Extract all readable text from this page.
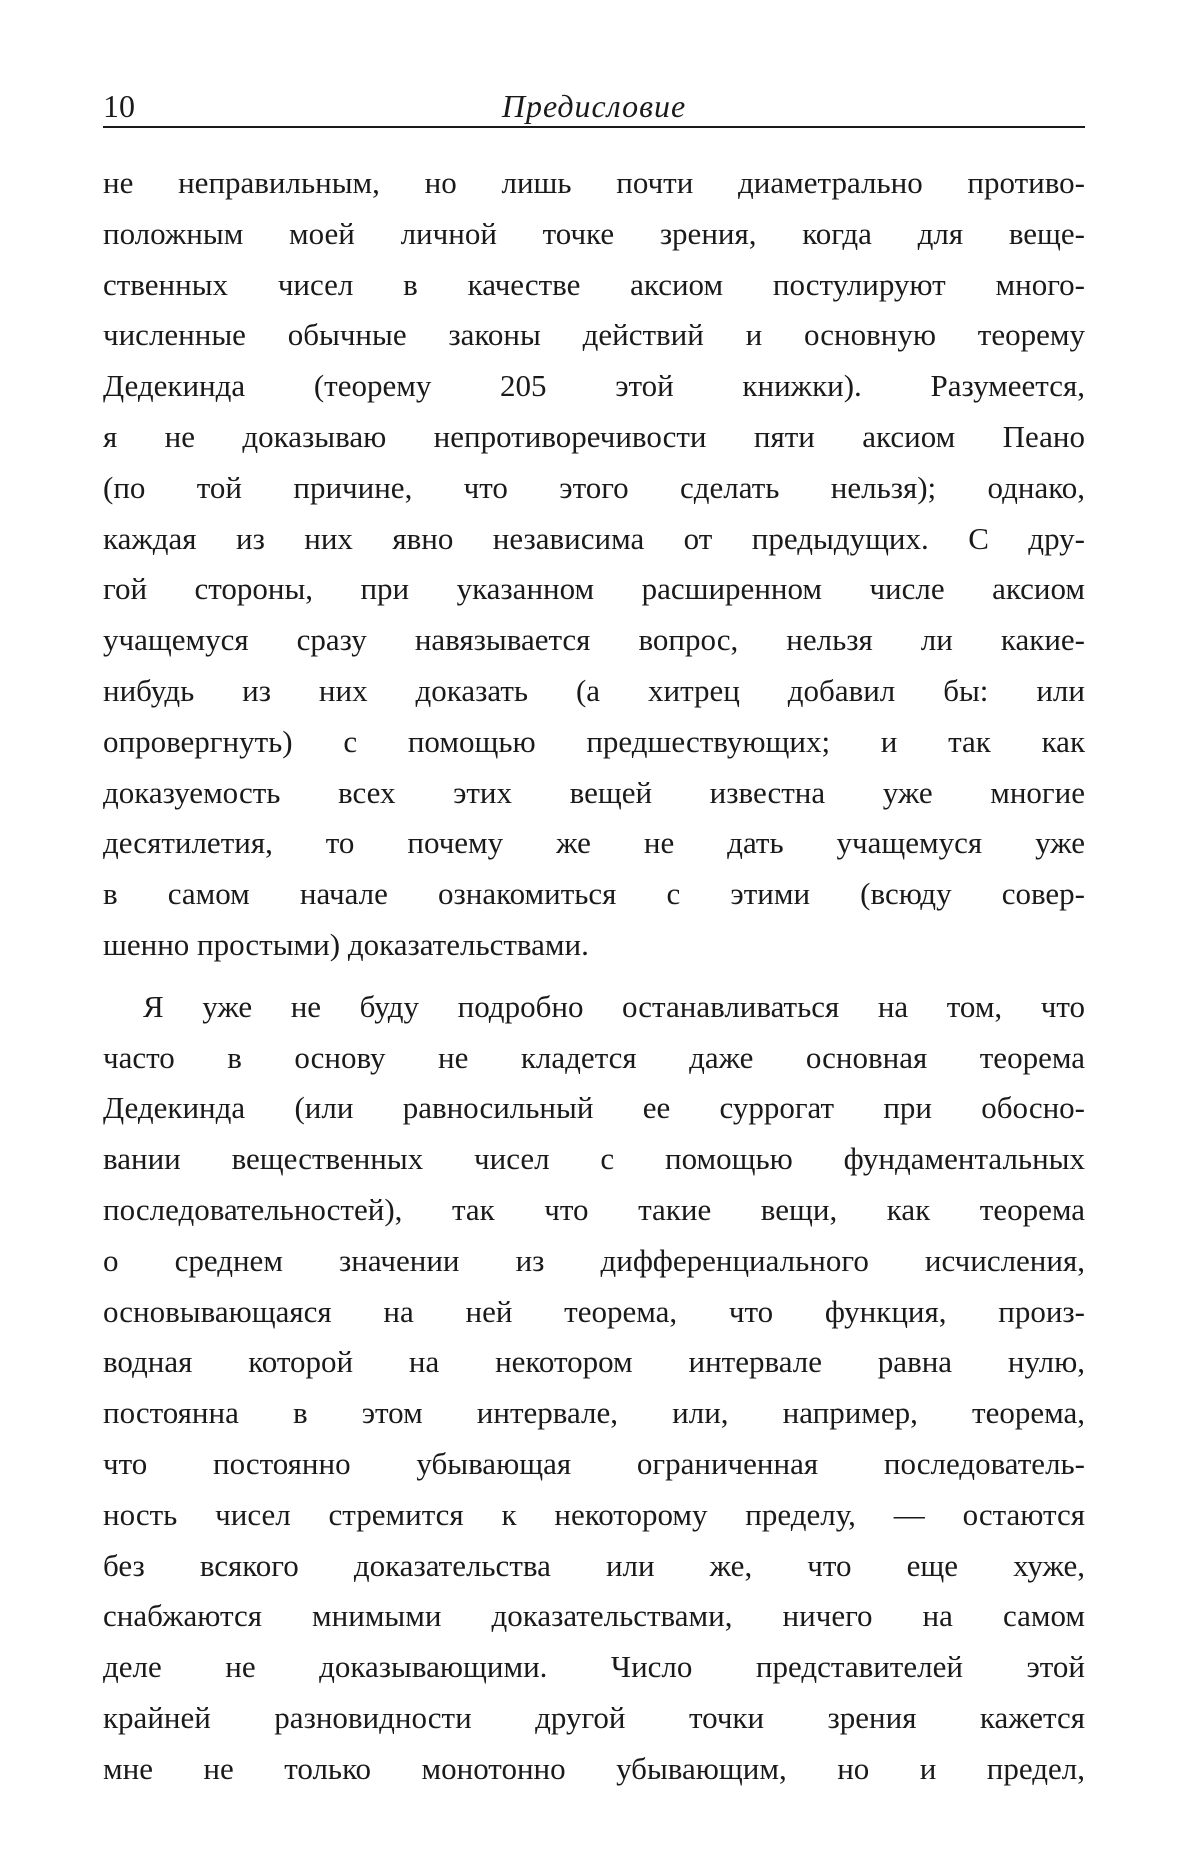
10	Предисловие
не неправильным, но лишь почти диаметрально противо-
положным моей личной точке зрения, когда для веще-
ственных чисел в качестве аксиом постулируют много-
численные обычные законы действий и основную теорему
Дедекинда (теорему 205 этой книжки). Разумеется,
я не доказываю непротиворечивости пяти аксиом Пеано
(по той причине, что этого сделать нельзя); однако,
каждая из них явно независима от предыдущих. С дру-
гой стороны, при указанном расширенном числе аксиом
учащемуся сразу навязывается вопрос, нельзя ли какие-
нибудь из них доказать (а хитрец добавил бы: или
опровергнуть) с помощью предшествующих; и так как
доказуемость всех этих вещей известна уже многие
десятилетия, то почему же не дать учащемуся уже
в самом начале ознакомиться с этими (всюду совер-
шенно простыми) доказательствами.
Я уже не буду подробно останавливаться на том, что
часто в основу не кладется даже основная теорема
Дедекинда (или равносильный ее суррогат при обосно-
вании вещественных чисел с помощью фундаментальных
последовательностей), так что такие вещи, как теорема
о среднем значении из дифференциального исчисления,
основывающаяся на ней теорема, что функция, произ-
водная которой на некотором интервале равна нулю,
постоянна в этом интервале, или, например, теорема,
что постоянно убывающая ограниченная последователь-
ность чисел стремится к некоторому пределу, — остаются
без всякого доказательства или же, что еще хуже,
снабжаются мнимыми доказательствами, ничего на самом
деле не доказывающими. Число представителей этой
крайней разновидности другой точки зрения кажется
мне не только монотонно убывающим, но и предел,
